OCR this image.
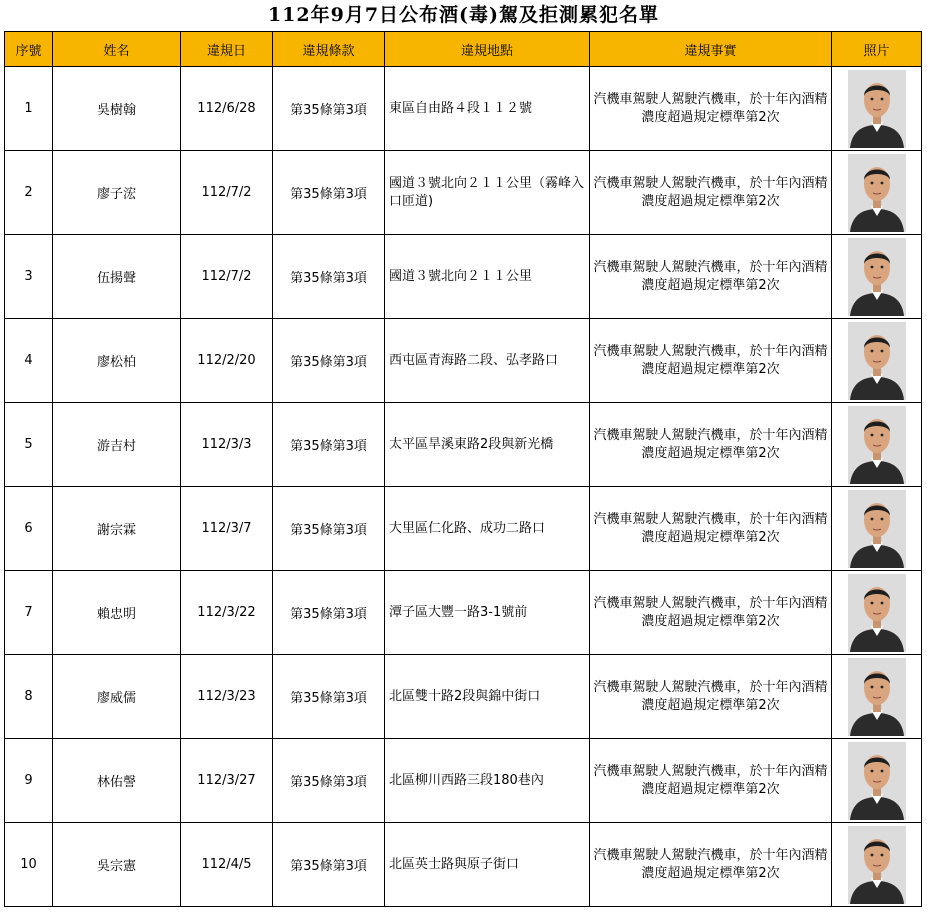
112年9月7日公布酒(毒)駕及拒測累犯名單
序號	姓名	違規日	違規條款	違規地點	違規事實	照片
1	吳樹翰	112/6/28	第35條第3項	東區自由路４段１１２號	汽機車駕駛人駕駛汽機車，於十年內酒精濃度超過規定標準第2次	

2	廖子浤	112/7/2	第35條第3項	國道３號北向２１１公里（霧峰入口匝道)	汽機車駕駛人駕駛汽機車，於十年內酒精濃度超過規定標準第2次	

3	伍揚聲	112/7/2	第35條第3項	國道３號北向２１１公里	汽機車駕駛人駕駛汽機車，於十年內酒精濃度超過規定標準第2次	

4	廖松柏	112/2/20	第35條第3項	西屯區青海路二段、弘孝路口	汽機車駕駛人駕駛汽機車，於十年內酒精濃度超過規定標準第2次	

5	游吉村	112/3/3	第35條第3項	太平區旱溪東路2段與新光橋	汽機車駕駛人駕駛汽機車，於十年內酒精濃度超過規定標準第2次	

6	謝宗霖	112/3/7	第35條第3項	大里區仁化路、成功二路口	汽機車駕駛人駕駛汽機車，於十年內酒精濃度超過規定標準第2次	

7	賴忠明	112/3/22	第35條第3項	潭子區大豐一路3-1號前	汽機車駕駛人駕駛汽機車，於十年內酒精濃度超過規定標準第2次	

8	廖威儒	112/3/23	第35條第3項	北區雙十路2段與錦中街口	汽機車駕駛人駕駛汽機車，於十年內酒精濃度超過規定標準第2次	

9	林佑謦	112/3/27	第35條第3項	北區柳川西路三段180巷內	汽機車駕駛人駕駛汽機車，於十年內酒精濃度超過規定標準第2次	

10	吳宗憲	112/4/5	第35條第3項	北區英士路與原子街口	汽機車駕駛人駕駛汽機車，於十年內酒精濃度超過規定標準第2次	
